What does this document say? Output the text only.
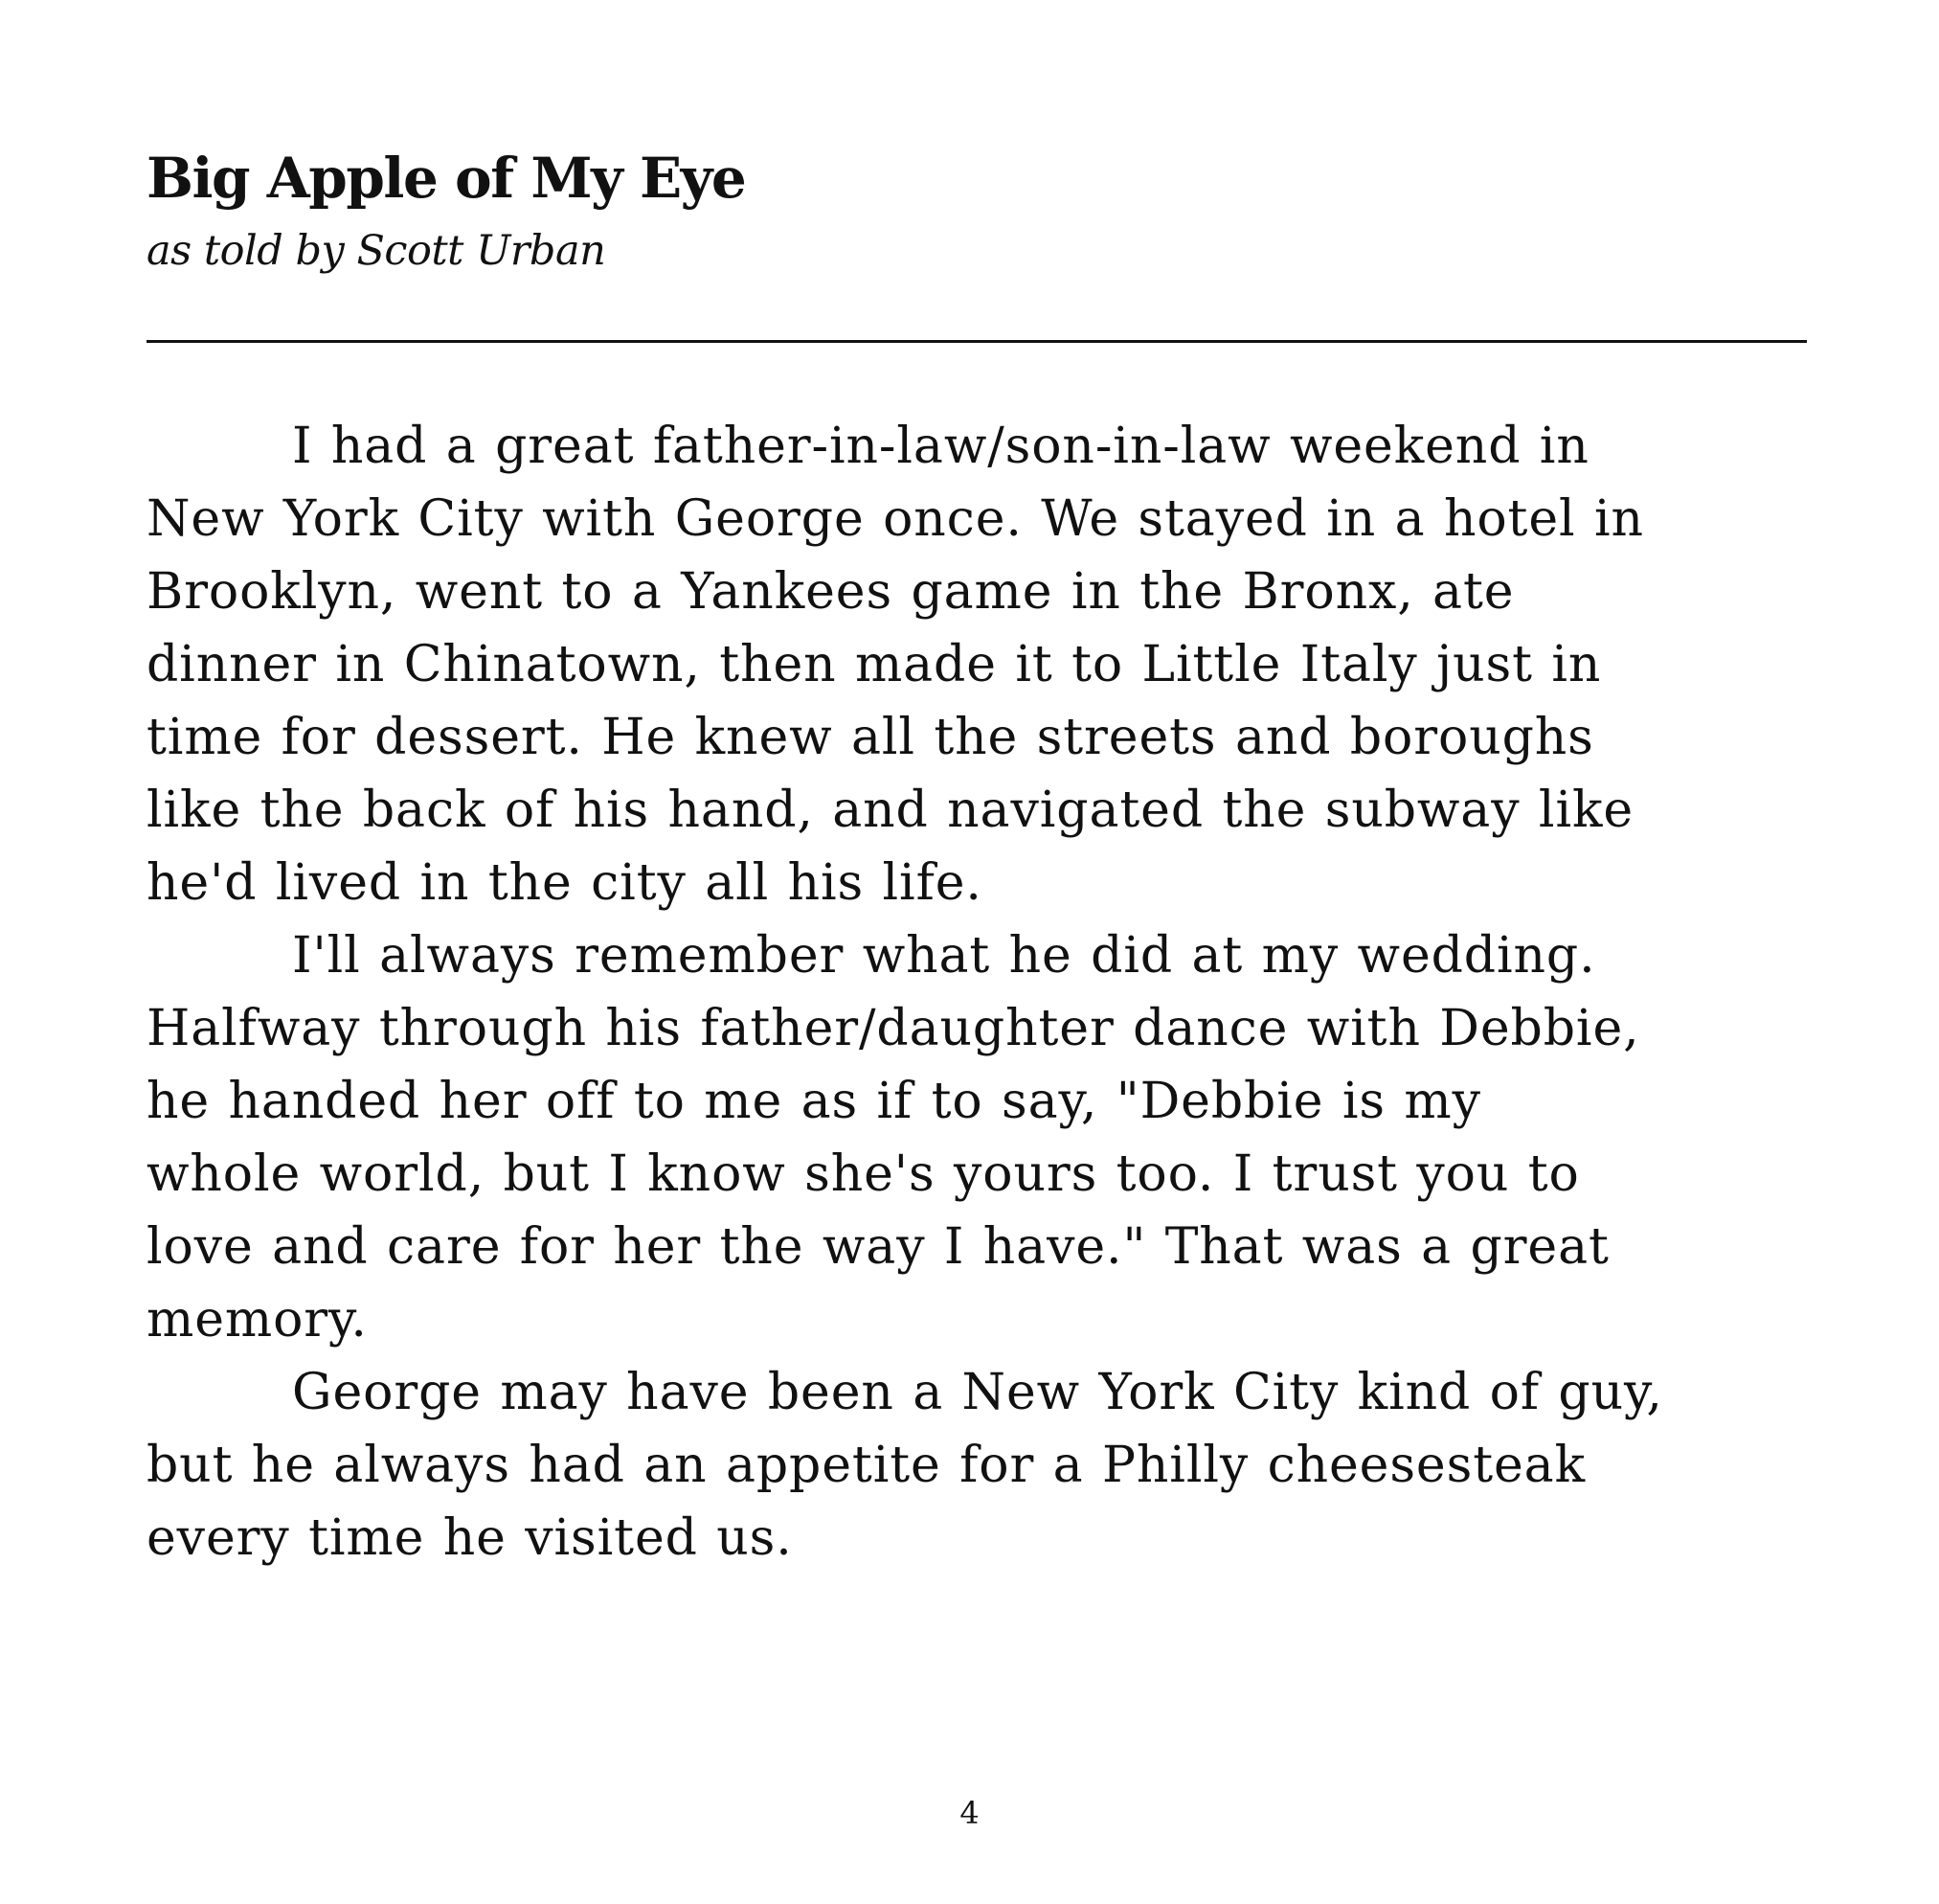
Big Apple of My Eye

as told by Scott Urban

I had a great father-in-law/son-in-law weekend in
New York City with George once. We stayed in a hotel in
Brooklyn, went to a Yankees game in the Bronx, ate
dinner in Chinatown, then made it to Little Italy just in
time for dessert. He knew all the streets and boroughs
like the back of his hand, and navigated the subway like
he'd lived in the city all his life.
I'll always remember what he did at my wedding.
Halfway through his father/daughter dance with Debbie,
he handed her off to me as if to say, "Debbie is my
whole world, but I know she's yours too. I trust you to
love and care for her the way I have." That was a great
memory.
George may have been a New York City kind of guy,
but he always had an appetite for a Philly cheesesteak
every time he visited us.
4
